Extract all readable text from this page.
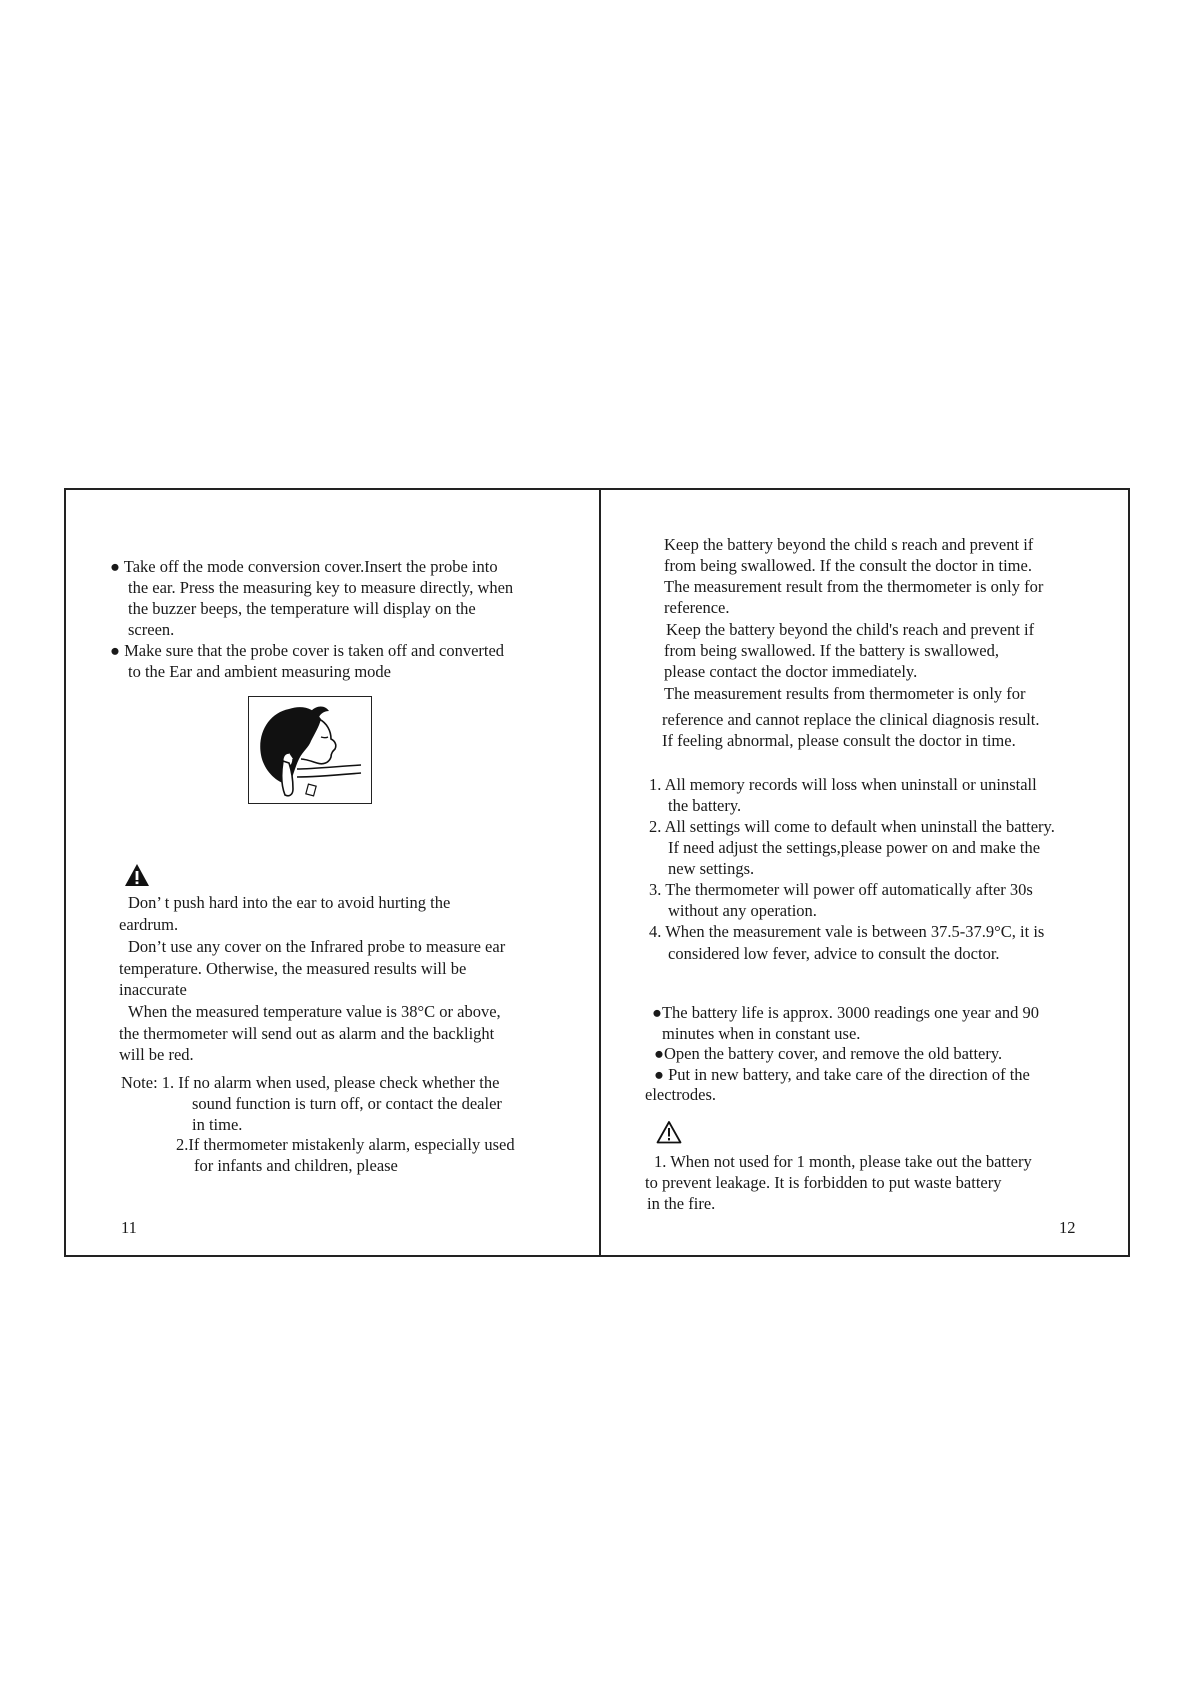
● Take off the mode conversion cover.Insert the probe into
the ear. Press the measuring key to measure directly, when
the buzzer beeps, the temperature will display on the
screen.
● Make sure that the probe cover is taken off and converted
to the Ear and ambient measuring mode
Don’ t push hard into the ear to avoid hurting the
eardrum.
Don’t use any cover on the Infrared probe to measure ear
temperature. Otherwise, the measured results will be
inaccurate
When the measured temperature value is 38°C or above,
the thermometer will send out as alarm and the backlight
will be red.
Note: 1. If no alarm when used, please check whether the
sound function is turn off, or contact the dealer
in time.
2.If thermometer mistakenly alarm, especially used
for infants and children, please
11
Keep the battery beyond the child s reach and prevent if
from being swallowed. If the consult the doctor in time.
The measurement result from the thermometer is only for
reference.
Keep the battery beyond the child's reach and prevent if
from being swallowed. If the battery is swallowed,
please contact the doctor immediately.
The measurement results from thermometer is only for
reference and cannot replace the clinical diagnosis result.
If feeling abnormal, please consult the doctor in time.
1. All memory records will loss when uninstall or uninstall
the battery.
2. All settings will come to default when uninstall the battery.
If need adjust the settings,please power on and make the
new settings.
3. The thermometer will power off automatically after 30s
without any operation.
4. When the measurement vale is between 37.5-37.9°C, it is
considered low fever, advice to consult the doctor.
●The battery life is approx. 3000 readings one year and 90
minutes when in constant use.
●Open the battery cover, and remove the old battery.
● Put in new battery, and take care of the direction of the
electrodes.
1. When not used for 1 month, please take out the battery
to prevent leakage. It is forbidden to put waste battery
in the fire.
12
